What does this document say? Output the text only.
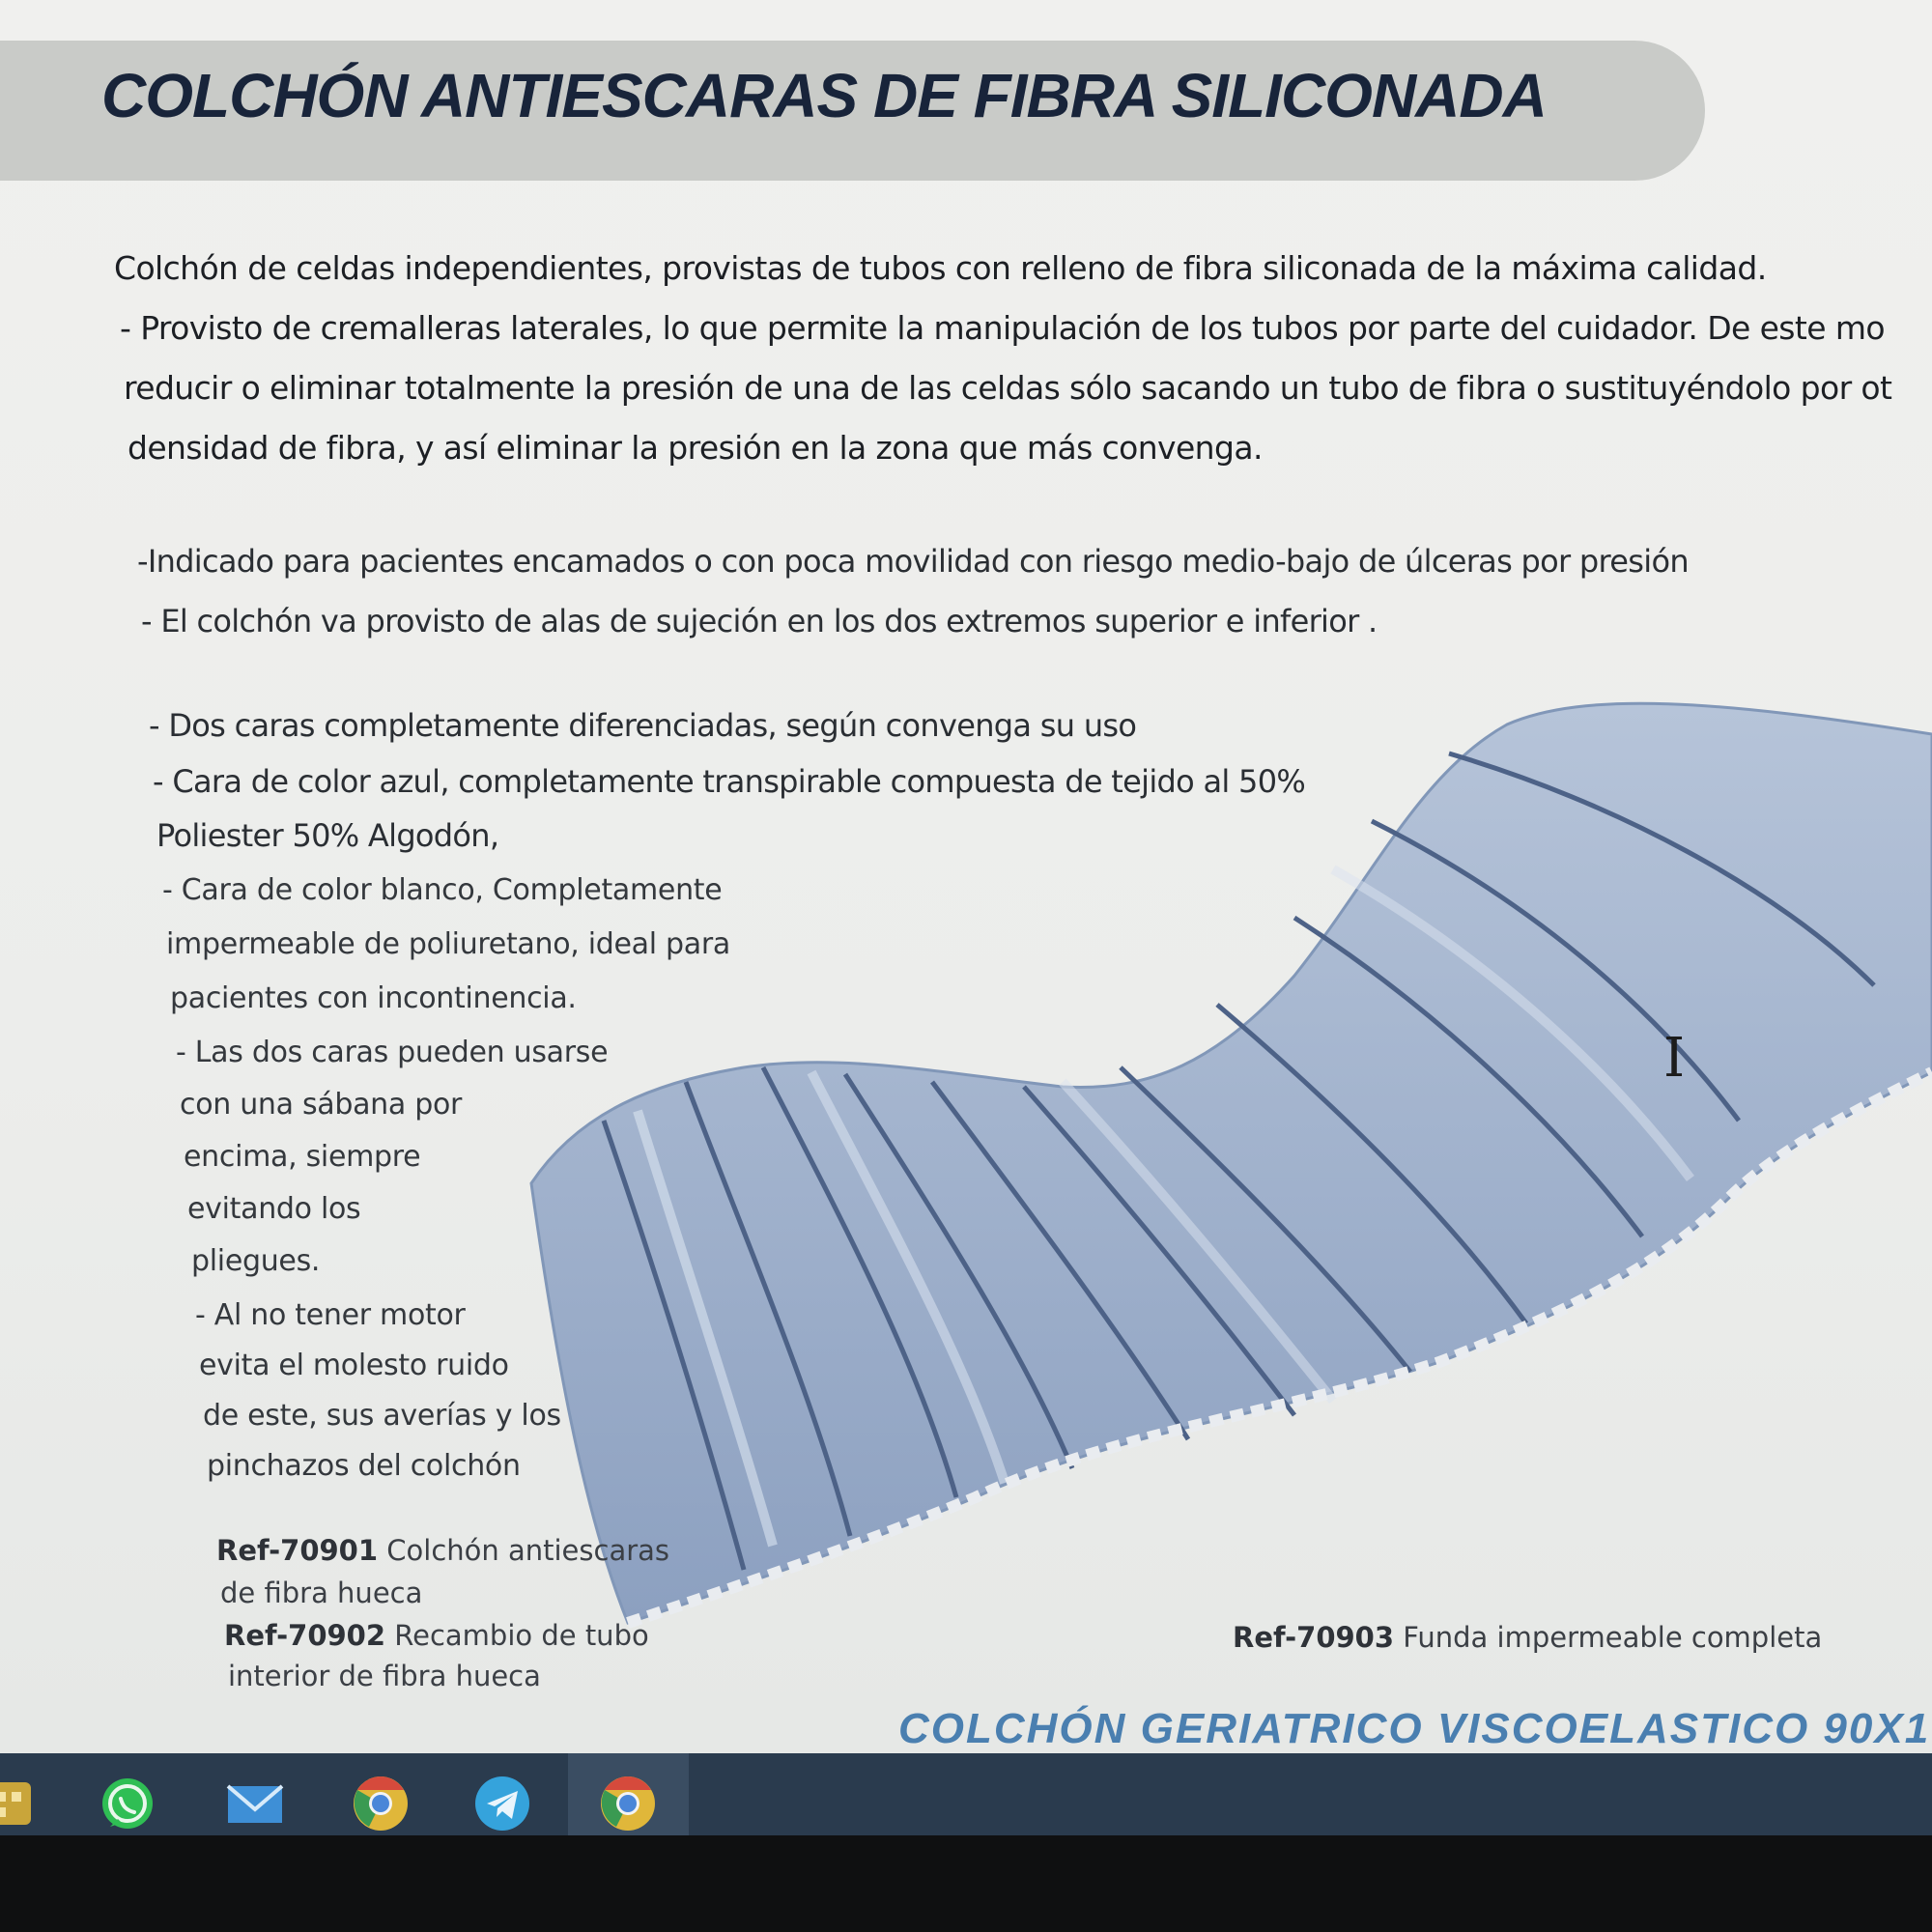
COLCHÓN ANTIESCARAS DE FIBRA SILICONADA
Colchón de celdas independientes, provistas de tubos con relleno de fibra siliconada de la máxima calidad.
- Provisto de cremalleras laterales, lo que permite la manipulación de los tubos por parte del cuidador. De este mo
reducir o eliminar totalmente la presión de una de las celdas sólo sacando un tubo de fibra o sustituyéndolo por ot
densidad de fibra, y así eliminar la presión en la zona que más convenga.
-Indicado para pacientes encamados o con poca movilidad con riesgo medio-bajo de úlceras por presión
- El colchón va provisto de alas de sujeción en los dos extremos superior e inferior .
- Dos caras completamente diferenciadas, según convenga su uso
- Cara de color azul, completamente transpirable compuesta de tejido al 50%
Poliester 50% Algodón,
- Cara de color blanco, Completamente
impermeable de poliuretano, ideal para
pacientes con incontinencia.
- Las dos caras pueden usarse
con una sábana por
encima, siempre
evitando los
pliegues.
- Al no tener motor
evita el molesto ruido
de este, sus averías y los
pinchazos del colchón
Ref-70901 Colchón antiescaras
de fibra hueca
Ref-70902 Recambio de tubo
interior de fibra hueca
Ref-70903 Funda impermeable completa
I
COLCHÓN GERIATRICO VISCOELASTICO 90X1
